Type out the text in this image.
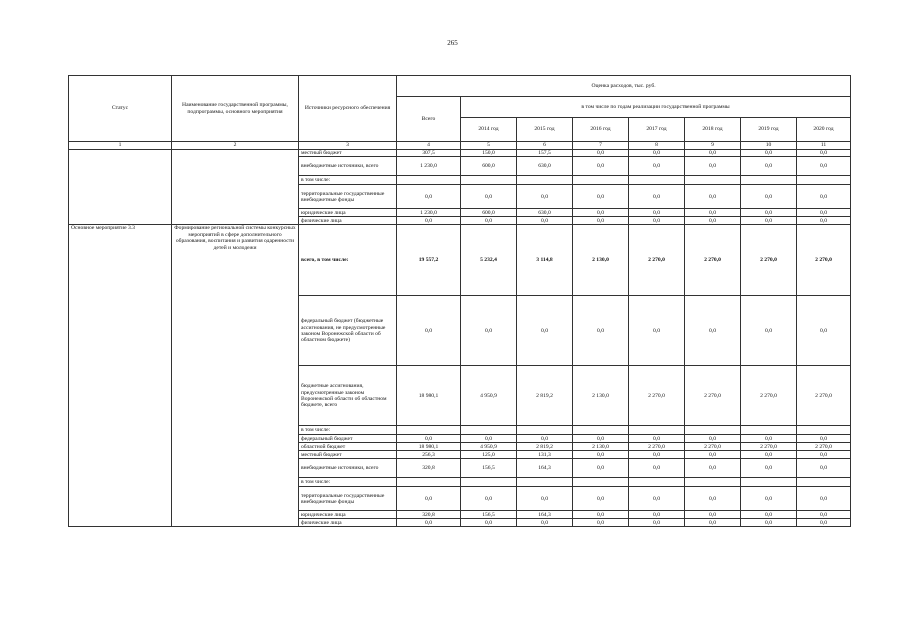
265
Статус	Наименование государственной программы, подпрограммы, основного мероприятия	Источники ресурсного обеспечения	Оценка расходов, тыс. руб.							
			Всего	в том числе по годам реализации государственной программы						
				2014 год	2015 год	2016 год	2017 год	2018 год	2019 год	2020 год
1	2	3	4	5	6	7	8	9	10	11
		местный бюджет	307,5	150,0	157,5	0,0	0,0	0,0	0,0	0,0
		внебюджетные источники, всего	1 230,0	600,0	630,0	0,0	0,0	0,0	0,0	0,0
		в том числе:								
		территориальные государственные внебюджетные фонды	0,0	0,0	0,0	0,0	0,0	0,0	0,0	0,0
		юридические лица	1 230,0	600,0	630,0	0,0	0,0	0,0	0,0	0,0
		физические лица	0,0	0,0	0,0	0,0	0,0	0,0	0,0	0,0
Основное мероприятие 3.3	Формирование региональной системы конкурсных мероприятий в сфере дополнительного образования, воспитания и развития одаренности детей и молодежи	всего, в том числе:	19 557,2	5 232,4	3 114,8	2 130,0	2 270,0	2 270,0	2 270,0	2 270,0
		федеральный бюджет (бюджетные ассигнования, не предусмотренные законом Воронежской области об областном бюджете)	0,0	0,0	0,0	0,0	0,0	0,0	0,0	0,0
		бюджетные ассигнования, предусмотренные законом Воронежской области об областном бюджете, всего	18 980,1	4 950,9	2 819,2	2 130,0	2 270,0	2 270,0	2 270,0	2 270,0
		в том числе:								
		федеральный бюджет	0,0	0,0	0,0	0,0	0,0	0,0	0,0	0,0
		областной бюджет	18 980,1	4 950,9	2 819,2	2 130,0	2 270,0	2 270,0	2 270,0	2 270,0
		местный бюджет	256,3	125,0	131,3	0,0	0,0	0,0	0,0	0,0
		внебюджетные источники, всего	320,8	156,5	164,3	0,0	0,0	0,0	0,0	0,0
		в том числе:								
		территориальные государственные внебюджетные фонды	0,0	0,0	0,0	0,0	0,0	0,0	0,0	0,0
		юридические лица	320,8	156,5	164,3	0,0	0,0	0,0	0,0	0,0
		физические лица	0,0	0,0	0,0	0,0	0,0	0,0	0,0	0,0
